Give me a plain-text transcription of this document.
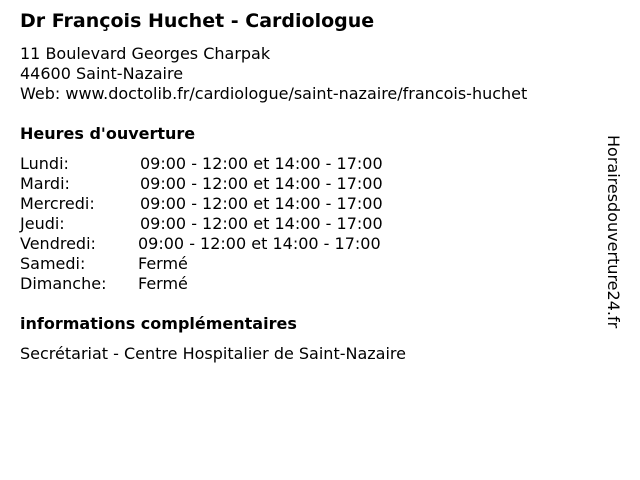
Dr François Huchet - Cardiologue
11 Boulevard Georges Charpak
44600 Saint-Nazaire
Web: www.doctolib.fr/cardiologue/saint-nazaire/francois-huchet
Heures d'ouverture
Lundi:	09:00 - 12:00 et 14:00 - 17:00
Mardi:	09:00 - 12:00 et 14:00 - 17:00
Mercredi:	09:00 - 12:00 et 14:00 - 17:00
Jeudi:	09:00 - 12:00 et 14:00 - 17:00
Vendredi:	09:00 - 12:00 et 14:00 - 17:00
Samedi:	Fermé
Dimanche: Fermé
informations complémentaires
Secrétariat - Centre Hospitalier de Saint-Nazaire
Horairesdouverture24.fr
